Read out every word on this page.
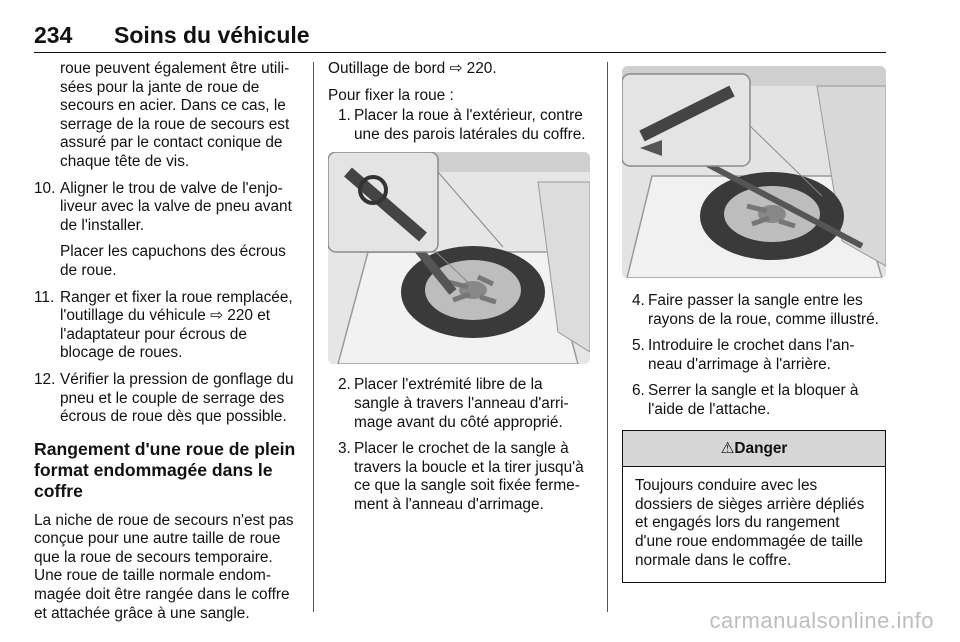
234 Soins du véhicule

roue peuvent également être utili-sées pour la jante de roue de secours en acier. Dans ce cas, le serrage de la roue de secours est assuré par le contact conique de chaque tête de vis.

10. Aligner le trou de valve de l'enjo-liveur avec la valve de pneu avant de l'installer.

Placer les capuchons des écrous de roue.

11. Ranger et fixer la roue remplacée, l'outillage du véhicule ⇨ 220 et l'adaptateur pour écrous de blocage de roues.
12. Vérifier la pression de gonflage du pneu et le couple de serrage des écrous de roue dès que possible.
Rangement d'une roue de plein format endommagée dans le coffre

La niche de roue de secours n'est pas conçue pour une autre taille de roue que la roue de secours temporaire. Une roue de taille normale endom-magée doit être rangée dans le coffre et attachée grâce à une sangle.

Outillage de bord ⇨ 220.

Pour fixer la roue :

1. Placer la roue à l'extérieur, contre une des parois latérales du coffre.
2. Placer l'extrémité libre de la sangle à travers l'anneau d'arri-mage avant du côté approprié.
3. Placer le crochet de la sangle à travers la boucle et la tirer jusqu'à ce que la sangle soit fixée ferme-ment à l'anneau d'arrimage.
4. Faire passer la sangle entre les rayons de la roue, comme illustré.
5. Introduire le crochet dans l'an-neau d'arrimage à l'arrière.
6. Serrer la sangle et la bloquer à l'aide de l'attache.
⚠Danger
Toujours conduire avec les dossiers de sièges arrière dépliés et engagés lors du rangement d'une roue endommagée de taille normale dans le coffre.
carmanualsonline.info
